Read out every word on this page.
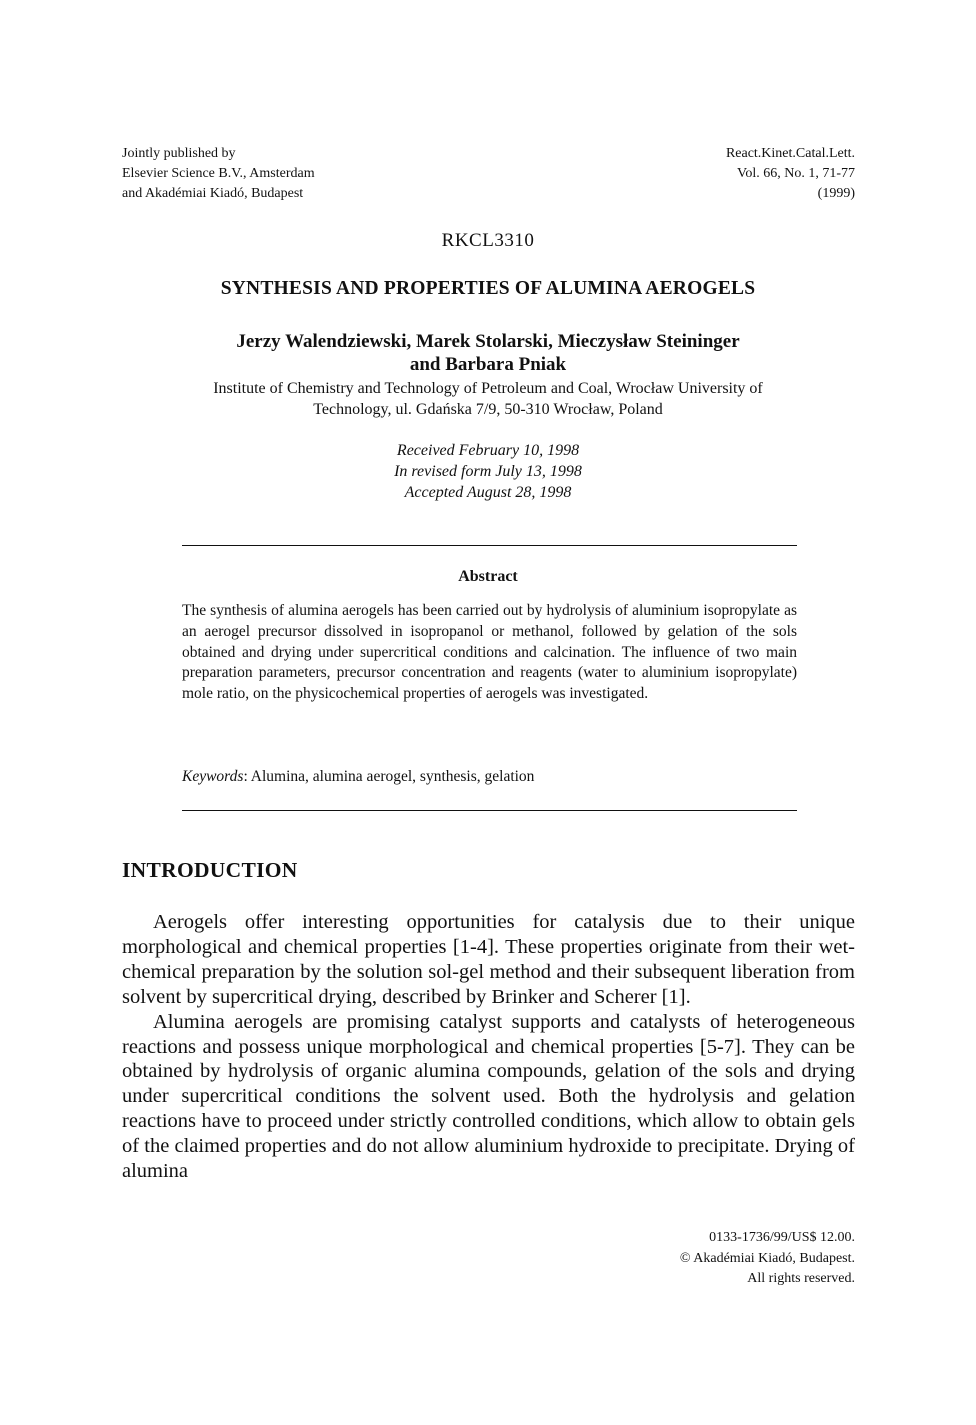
Jointly published by
Elsevier Science B.V., Amsterdam
and Akadémiai Kiadó, Budapest
React.Kinet.Catal.Lett.
Vol. 66, No. 1, 71-77
(1999)
RKCL3310
SYNTHESIS AND PROPERTIES OF ALUMINA AEROGELS
Jerzy Walendziewski, Marek Stolarski, Mieczysław Steininger
and Barbara Pniak
Institute of Chemistry and Technology of Petroleum and Coal, Wrocław University of
Technology, ul. Gdańska 7/9, 50-310 Wrocław, Poland
Received February 10, 1998
In revised form July 13, 1998
Accepted August 28, 1998
Abstract
The synthesis of alumina aerogels has been carried out by hydrolysis of aluminium isopropylate as an aerogel precursor dissolved in isopropanol or methanol, followed by gelation of the sols obtained and drying under supercritical conditions and calcination. The influence of two main preparation parameters, precursor concentration and reagents (water to aluminium isopropylate) mole ratio, on the physicochemical properties of aerogels was investigated.
Keywords: Alumina, alumina aerogel, synthesis, gelation
INTRODUCTION

Aerogels offer interesting opportunities for catalysis due to their unique morphological and chemical properties [1-4]. These properties originate from their wet-chemical preparation by the solution sol-gel method and their subsequent liberation from solvent by supercritical drying, described by Brinker and Scherer [1].

Alumina aerogels are promising catalyst supports and catalysts of heterogeneous reactions and possess unique morphological and chemical properties [5-7]. They can be obtained by hydrolysis of organic alumina compounds, gelation of the sols and drying under supercritical conditions the solvent used. Both the hydrolysis and gelation reactions have to proceed under strictly controlled conditions, which allow to obtain gels of the claimed properties and do not allow aluminium hydroxide to precipitate. Drying of alumina

0133-1736/99/US$ 12.00.
© Akadémiai Kiadó, Budapest.
All rights reserved.
